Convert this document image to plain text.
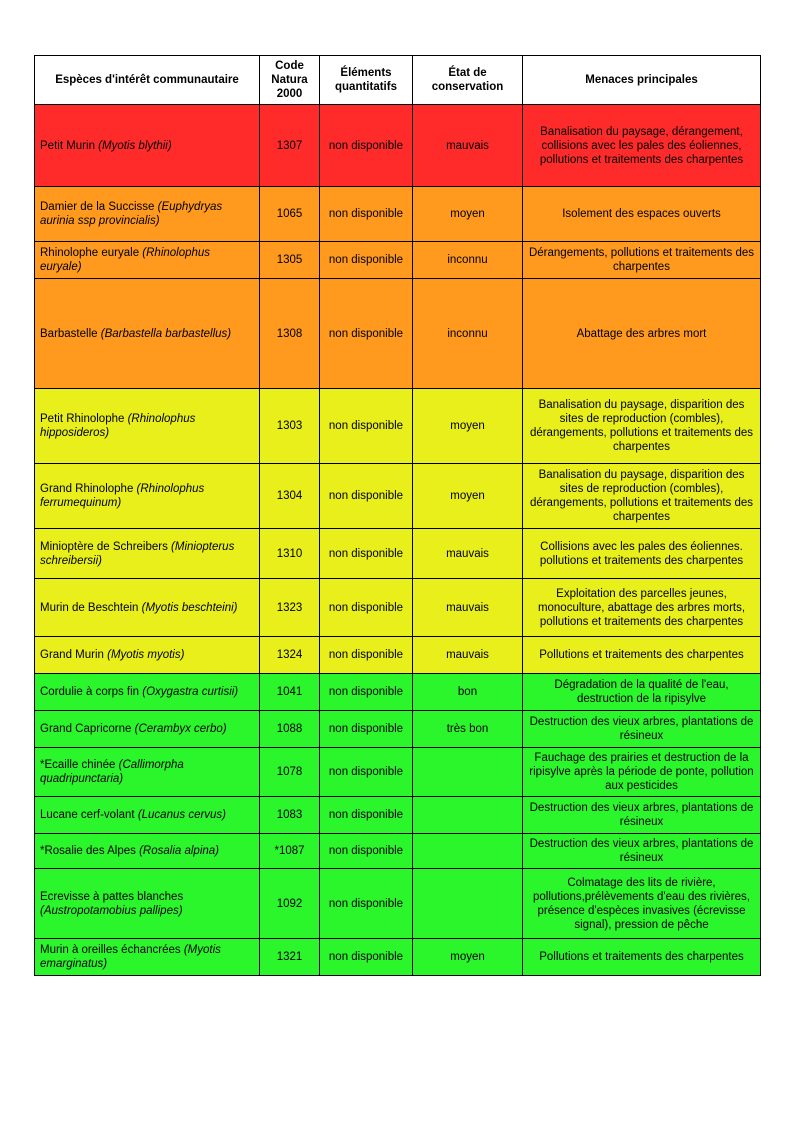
Espèces d'intérêt communautaire	Code Natura 2000	Éléments quantitatifs	État de conservation	Menaces principales
Petit Murin (Myotis blythii)	1307	non disponible	mauvais	Banalisation du paysage, dérangement, collisions avec les pales des éoliennes, pollutions et traitements des charpentes
Damier de la Succisse (Euphydryas aurinia ssp provincialis)	1065	non disponible	moyen	Isolement des espaces ouverts
Rhinolophe euryale (Rhinolophus euryale)	1305	non disponible	inconnu	Dérangements, pollutions et traitements des charpentes
Barbastelle (Barbastella barbastellus)	1308	non disponible	inconnu	Abattage des arbres mort
Petit Rhinolophe (Rhinolophus hipposideros)	1303	non disponible	moyen	Banalisation du paysage, disparition des sites de reproduction (combles), dérangements, pollutions et traitements des charpentes
Grand Rhinolophe (Rhinolophus ferrumequinum)	1304	non disponible	moyen	Banalisation du paysage, disparition des sites de reproduction (combles), dérangements, pollutions et traitements des charpentes
Minioptère de Schreibers (Miniopterus schreibersii)	1310	non disponible	mauvais	Collisions avec les pales des éoliennes. pollutions et traitements des charpentes
Murin de Beschtein (Myotis beschteini)	1323	non disponible	mauvais	Exploitation des parcelles jeunes, monoculture, abattage des arbres morts, pollutions et traitements des charpentes
Grand Murin (Myotis myotis)	1324	non disponible	mauvais	Pollutions et traitements des charpentes
Cordulie à corps fin (Oxygastra curtisii)	1041	non disponible	bon	Dégradation de la qualité de l'eau, destruction de la ripisylve
Grand Capricorne (Cerambyx cerbo)	1088	non disponible	très bon	Destruction des vieux arbres, plantations de résineux
*Ecaille chinée (Callimorpha quadripunctaria)	1078	non disponible		Fauchage des prairies et destruction de la ripisylve après la période de ponte, pollution aux pesticides
Lucane cerf-volant (Lucanus cervus)	1083	non disponible		Destruction des vieux arbres, plantations de résineux
*Rosalie des Alpes (Rosalia alpina)	*1087	non disponible		Destruction des vieux arbres, plantations de résineux
Ecrevisse à pattes blanches (Austropotamobius pallipes)	1092	non disponible		Colmatage des lits de rivière, pollutions,prélèvements d'eau des rivières, présence d'espèces invasives (écrevisse signal), pression de pêche
Murin à oreilles échancrées (Myotis emarginatus)	1321	non disponible	moyen	Pollutions et traitements des charpentes
